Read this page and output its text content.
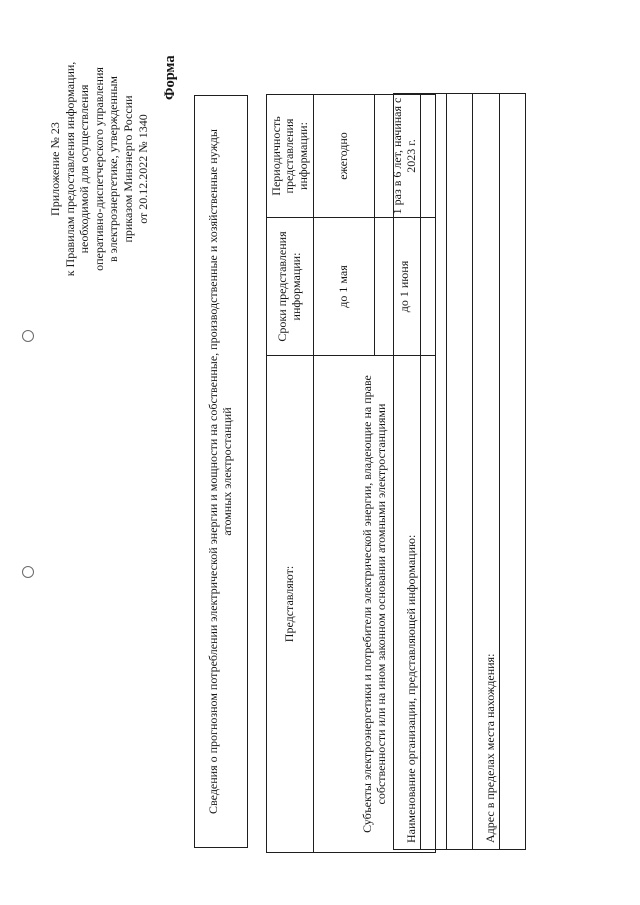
Приложение № 23 к Правилам предоставления информации, необходимой для осуществления оперативно-диспетчерского управления в электроэнергетике, утвержденным приказом Минэнерго России от 20.12.2022 № 1340
Форма
Сведения о прогнозном потреблении электрической энергии и мощности на собственные, производственные и хозяйственные нужды атомных электростанций
Представляют:	Сроки представления информации:	Периодичность представления информации:
Субъекты электроэнергетики и потребители электрической энергии, владеющие на праве собственности или на ином законном основании атомными электростанциями	до 1 мая	ежегодно
	до 1 июня	1 раз в 6 лет, начиная с 2023 г.
Наименование организации, представляющей информацию:

Адрес в пределах места нахождения:
